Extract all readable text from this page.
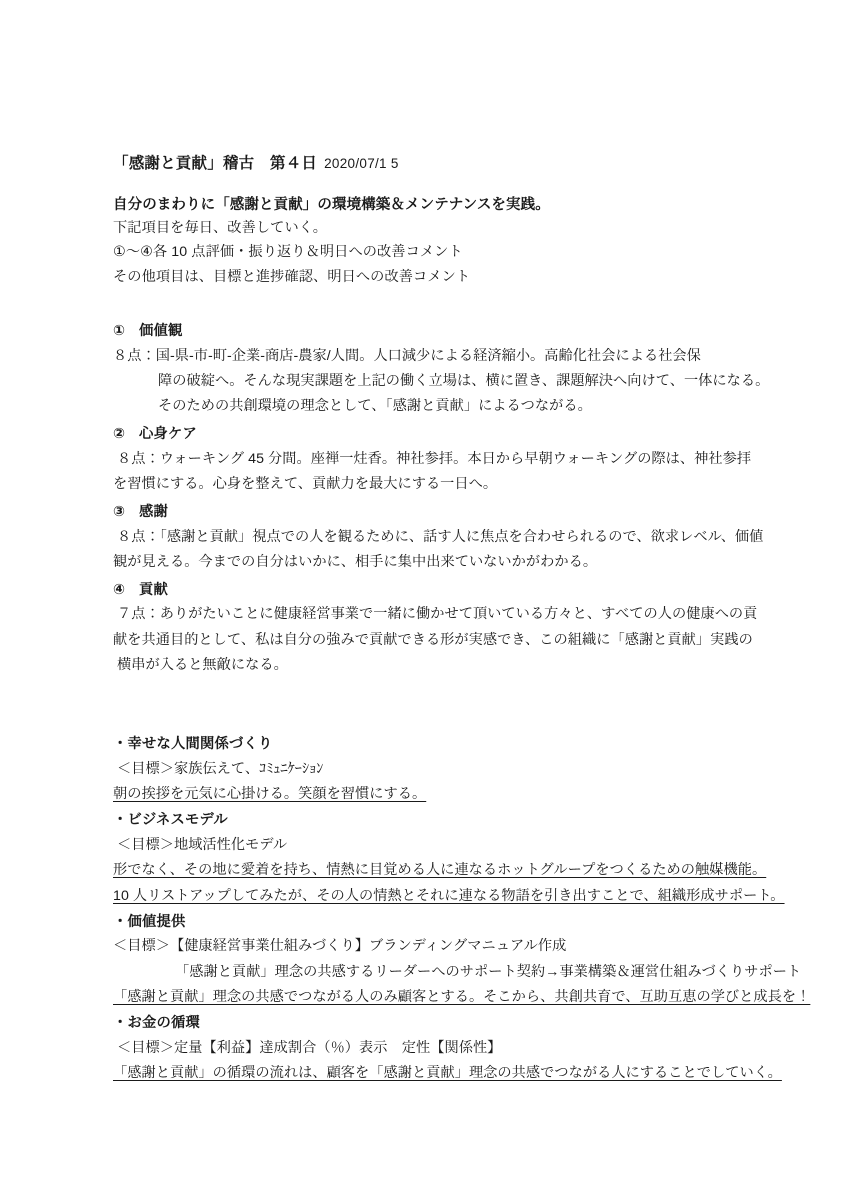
「感謝と貢献」稽古　第４日 2020/07/1 5
自分のまわりに「感謝と貢献」の環境構築＆メンテナンスを実践。
下記項目を毎日、改善していく。
①〜④各 10 点評価・振り返り＆明日への改善コメント
その他項目は、目標と進捗確認、明日への改善コメント
① 価値観
８点：国-県-市-町-企業-商店-農家/人間。人口減少による経済縮小。高齢化社会による社会保
障の破綻へ。そんな現実課題を上記の働く立場は、横に置き、課題解決へ向けて、一体になる。
そのための共創環境の理念として、「感謝と貢献」によるつながる。
② 心身ケア
８点：ウォーキング 45 分間。座禅一炷香。神社参拝。本日から早朝ウォーキングの際は、神社参拝
を習慣にする。心身を整えて、貢献力を最大にする一日へ。
③ 感謝
８点：「感謝と貢献」視点での人を観るために、話す人に焦点を合わせられるので、欲求レベル、価値
観が見える。今までの自分はいかに、相手に集中出来ていないかがわかる。
④ 貢献
７点：ありがたいことに健康経営事業で一緒に働かせて頂いている方々と、すべての人の健康への貢
献を共通目的として、私は自分の強みで貢献できる形が実感でき、この組織に「感謝と貢献」実践の
横串が入ると無敵になる。
・幸せな人間関係づくり
＜目標＞家族伝えて、ｺﾐｭﾆｹｰｼｮﾝ
朝の挨拶を元気に心掛ける。笑顔を習慣にする。
・ビジネスモデル
＜目標＞地域活性化モデル
形でなく、その地に愛着を持ち、情熱に目覚める人に連なるホットグループをつくるための触媒機能。
10 人リストアップしてみたが、その人の情熱とそれに連なる物語を引き出すことで、組織形成サポート。
・価値提供
＜目標＞【健康経営事業仕組みづくり】ブランディングマニュアル作成
「感謝と貢献」理念の共感するリーダーへのサポート契約→事業構築＆運営仕組みづくりサポート
「感謝と貢献」理念の共感でつながる人のみ顧客とする。そこから、共創共育で、互助互恵の学びと成長を！
・お金の循環
＜目標＞定量【利益】達成割合（％）表示　定性【関係性】
「感謝と貢献」の循環の流れは、顧客を「感謝と貢献」理念の共感でつながる人にすることでしていく。
